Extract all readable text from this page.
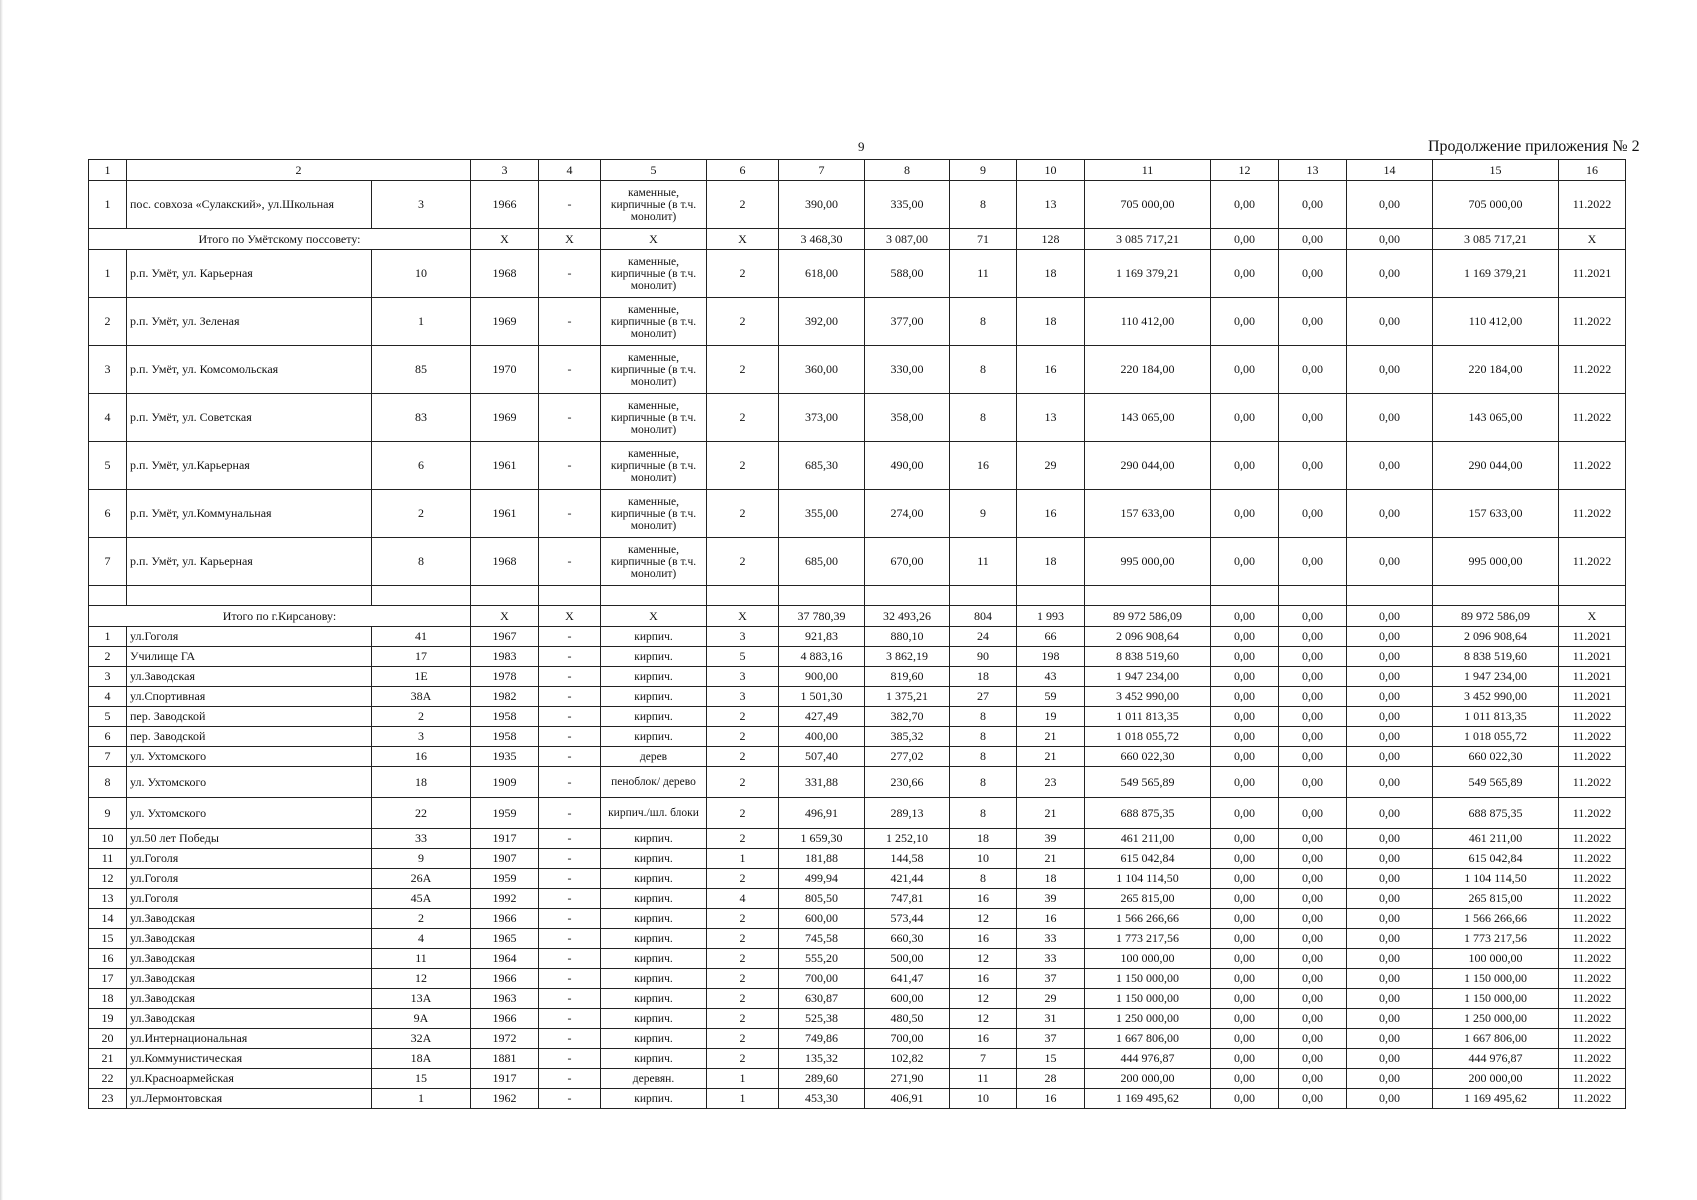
9	Продолжение приложения № 2
1	2		3	4	5	6	7	8	9	10	11	12	13	14	15	16
1	пос. совхоза «Сулакский», ул.Школьная	3	1966	-	каменные, кирпичные (в т.ч. монолит)	2	390,00	335,00	8	13	705 000,00	0,00	0,00	0,00	705 000,00	11.2022
Итого по Умётскому поссовету:			Х	Х	Х	Х	3 468,30	3 087,00	71	128	3 085 717,21	0,00	0,00	0,00	3 085 717,21	Х
1	р.п. Умёт, ул. Карьерная	10	1968	-	каменные, кирпичные (в т.ч. монолит)	2	618,00	588,00	11	18	1 169 379,21	0,00	0,00	0,00	1 169 379,21	11.2021
2	р.п. Умёт, ул. Зеленая	1	1969	-	каменные, кирпичные (в т.ч. монолит)	2	392,00	377,00	8	18	110 412,00	0,00	0,00	0,00	110 412,00	11.2022
3	р.п. Умёт, ул. Комсомольская	85	1970	-	каменные, кирпичные (в т.ч. монолит)	2	360,00	330,00	8	16	220 184,00	0,00	0,00	0,00	220 184,00	11.2022
4	р.п. Умёт, ул. Советская	83	1969	-	каменные, кирпичные (в т.ч. монолит)	2	373,00	358,00	8	13	143 065,00	0,00	0,00	0,00	143 065,00	11.2022
5	р.п. Умёт, ул.Карьерная	6	1961	-	каменные, кирпичные (в т.ч. монолит)	2	685,30	490,00	16	29	290 044,00	0,00	0,00	0,00	290 044,00	11.2022
6	р.п. Умёт, ул.Коммунальная	2	1961	-	каменные, кирпичные (в т.ч. монолит)	2	355,00	274,00	9	16	157 633,00	0,00	0,00	0,00	157 633,00	11.2022
7	р.п. Умёт, ул. Карьерная	8	1968	-	каменные, кирпичные (в т.ч. монолит)	2	685,00	670,00	11	18	995 000,00	0,00	0,00	0,00	995 000,00	11.2022

Итого по г.Кирсанову:			Х	Х	Х	Х	37 780,39	32 493,26	804	1 993	89 972 586,09	0,00	0,00	0,00	89 972 586,09	Х
1	ул.Гоголя	41	1967	-	кирпич.	3	921,83	880,10	24	66	2 096 908,64	0,00	0,00	0,00	2 096 908,64	11.2021
2	Училище ГА	17	1983	-	кирпич.	5	4 883,16	3 862,19	90	198	8 838 519,60	0,00	0,00	0,00	8 838 519,60	11.2021
3	ул.Заводская	1Е	1978	-	кирпич.	3	900,00	819,60	18	43	1 947 234,00	0,00	0,00	0,00	1 947 234,00	11.2021
4	ул.Спортивная	38А	1982	-	кирпич.	3	1 501,30	1 375,21	27	59	3 452 990,00	0,00	0,00	0,00	3 452 990,00	11.2021
5	пер. Заводской	2	1958	-	кирпич.	2	427,49	382,70	8	19	1 011 813,35	0,00	0,00	0,00	1 011 813,35	11.2022
6	пер. Заводской	3	1958	-	кирпич.	2	400,00	385,32	8	21	1 018 055,72	0,00	0,00	0,00	1 018 055,72	11.2022
7	ул. Ухтомского	16	1935	-	дерев	2	507,40	277,02	8	21	660 022,30	0,00	0,00	0,00	660 022,30	11.2022
8	ул. Ухтомского	18	1909	-	пеноблок/ дерево	2	331,88	230,66	8	23	549 565,89	0,00	0,00	0,00	549 565,89	11.2022
9	ул. Ухтомского	22	1959	-	кирпич./шл. блоки	2	496,91	289,13	8	21	688 875,35	0,00	0,00	0,00	688 875,35	11.2022
10	ул.50 лет Победы	33	1917	-	кирпич.	2	1 659,30	1 252,10	18	39	461 211,00	0,00	0,00	0,00	461 211,00	11.2022
11	ул.Гоголя	9	1907	-	кирпич.	1	181,88	144,58	10	21	615 042,84	0,00	0,00	0,00	615 042,84	11.2022
12	ул.Гоголя	26А	1959	-	кирпич.	2	499,94	421,44	8	18	1 104 114,50	0,00	0,00	0,00	1 104 114,50	11.2022
13	ул.Гоголя	45А	1992	-	кирпич.	4	805,50	747,81	16	39	265 815,00	0,00	0,00	0,00	265 815,00	11.2022
14	ул.Заводская	2	1966	-	кирпич.	2	600,00	573,44	12	16	1 566 266,66	0,00	0,00	0,00	1 566 266,66	11.2022
15	ул.Заводская	4	1965	-	кирпич.	2	745,58	660,30	16	33	1 773 217,56	0,00	0,00	0,00	1 773 217,56	11.2022
16	ул.Заводская	11	1964	-	кирпич.	2	555,20	500,00	12	33	100 000,00	0,00	0,00	0,00	100 000,00	11.2022
17	ул.Заводская	12	1966	-	кирпич.	2	700,00	641,47	16	37	1 150 000,00	0,00	0,00	0,00	1 150 000,00	11.2022
18	ул.Заводская	13А	1963	-	кирпич.	2	630,87	600,00	12	29	1 150 000,00	0,00	0,00	0,00	1 150 000,00	11.2022
19	ул.Заводская	9А	1966	-	кирпич.	2	525,38	480,50	12	31	1 250 000,00	0,00	0,00	0,00	1 250 000,00	11.2022
20	ул.Интернациональная	32А	1972	-	кирпич.	2	749,86	700,00	16	37	1 667 806,00	0,00	0,00	0,00	1 667 806,00	11.2022
21	ул.Коммунистическая	18А	1881	-	кирпич.	2	135,32	102,82	7	15	444 976,87	0,00	0,00	0,00	444 976,87	11.2022
22	ул.Красноармейская	15	1917	-	деревян.	1	289,60	271,90	11	28	200 000,00	0,00	0,00	0,00	200 000,00	11.2022
23	ул.Лермонтовская	1	1962	-	кирпич.	1	453,30	406,91	10	16	1 169 495,62	0,00	0,00	0,00	1 169 495,62	11.2022
